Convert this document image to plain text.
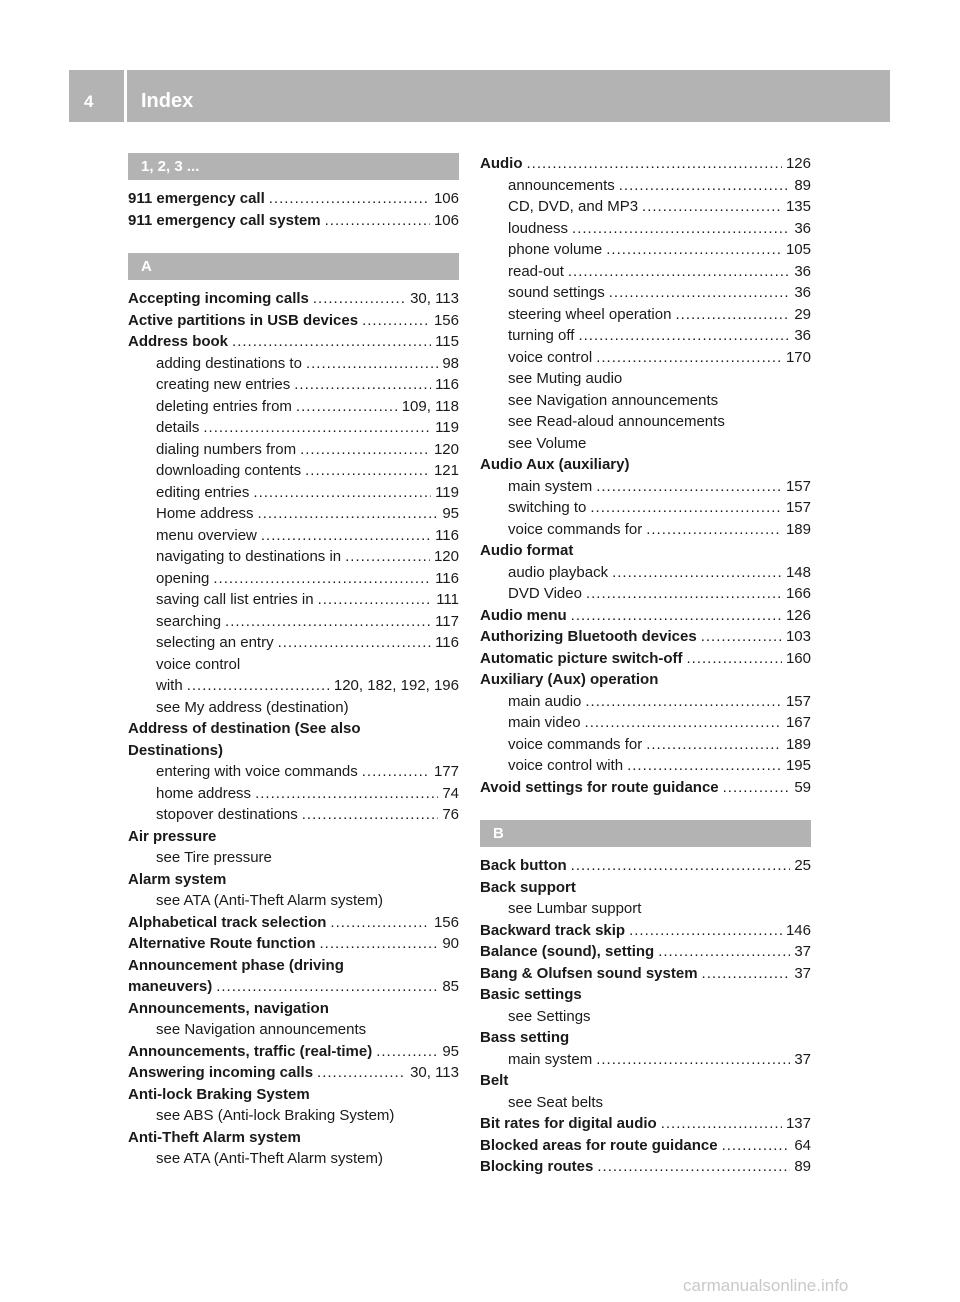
4 Index
1, 2, 3 ...
911 emergency call .....	106
911 emergency call system .....	106
A
Accepting incoming calls .....	30, 113
Active partitions in USB devices .....	156
Address book .....	115
adding destinations to .....	98
creating new entries .....	116
deleting entries from .....	109, 118
details .....	119
dialing numbers from .....	120
downloading contents .....	121
editing entries .....	119
Home address .....	95
menu overview .....	116
navigating to destinations in .....	120
opening .....	116
saving call list entries in .....	111
searching .....	117
selecting an entry .....	116
voice control
with .....	120, 182, 192, 196
see My address (destination)
Address of destination (See also
Destinations)
entering with voice commands .....	177
home address .....	74
stopover destinations .....	76
Air pressure
see Tire pressure
Alarm system
see ATA (Anti-Theft Alarm system)
Alphabetical track selection .....	156
Alternative Route function .....	90
Announcement phase (driving
maneuvers) .....	85
Announcements, navigation
see Navigation announcements
Announcements, traffic (real-time) .....	95
Answering incoming calls .....	30, 113
Anti-lock Braking System
see ABS (Anti-lock Braking System)
Anti-Theft Alarm system
see ATA (Anti-Theft Alarm system)
Audio .....	126
announcements .....	89
CD, DVD, and MP3 .....	135
loudness .....	36
phone volume .....	105
read-out .....	36
sound settings .....	36
steering wheel operation .....	29
turning off .....	36
voice control .....	170
see Muting audio
see Navigation announcements
see Read-aloud announcements
see Volume
Audio Aux (auxiliary)
main system .....	157
switching to .....	157
voice commands for .....	189
Audio format
audio playback .....	148
DVD Video .....	166
Audio menu .....	126
Authorizing Bluetooth devices .....	103
Automatic picture switch-off .....	160
Auxiliary (Aux) operation
main audio .....	157
main video .....	167
voice commands for .....	189
voice control with .....	195
Avoid settings for route guidance .....	59
B
Back button .....	25
Back support
see Lumbar support
Backward track skip .....	146
Balance (sound), setting .....	37
Bang & Olufsen sound system .....	37
Basic settings
see Settings
Bass setting
main system .....	37
Belt
see Seat belts
Bit rates for digital audio .....	137
Blocked areas for route guidance .....	64
Blocking routes .....	89
carmanualsonline.info
